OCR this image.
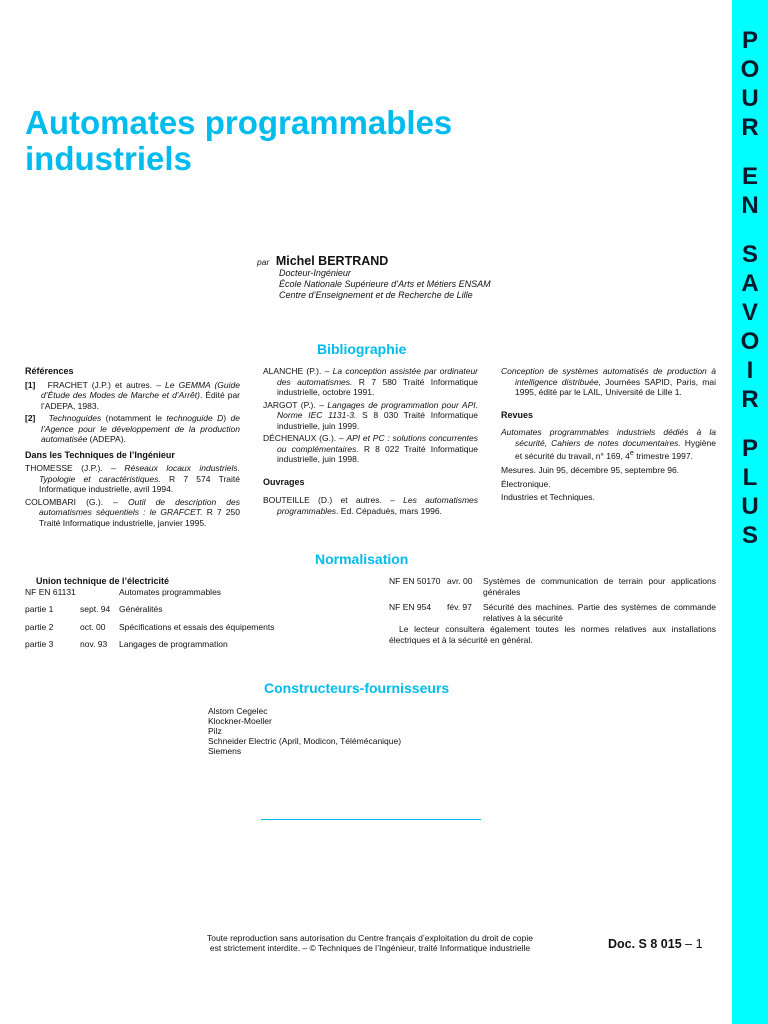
P
O
U
R
E
N
S
A
V
O
I
R
P
L
U
S
Automates programmables
industriels
par Michel BERTRAND
Docteur-Ingénieur
École Nationale Supérieure d’Arts et Métiers ENSAM
Centre d’Enseignement et de Recherche de Lille
Bibliographie
Références
[1] FRACHET (J.P.) et autres. – Le GEMMA (Guide d’Étude des Modes de Marche et d’Arrêt). Édité par l’ADEPA, 1983.
[2] Technoguides (notamment le technoguide D) de l’Agence pour le développement de la production automatisée (ADEPA).
Dans les Techniques de l’Ingénieur
THOMESSE (J.P.). – Réseaux locaux industriels. Typologie et caractéristiques. R 7 574 Traité Informatique industrielle, avril 1994.
COLOMBARI (G.). – Outil de description des automatismes séquentiels : le GRAFCET. R 7 250 Traité Informatique industrielle, janvier 1995.
ALANCHE (P.). – La conception assistée par ordinateur des automatismes. R 7 580 Traité Informatique industrielle, octobre 1991.
JARGOT (P.). – Langages de programmation pour API. Norme IEC 1131-3. S 8 030 Traité Informatique industrielle, juin 1999.
DÉCHENAUX (G.). – API et PC : solutions concurrentes ou complémentaires. R 8 022 Traité Informatique industrielle, juin 1998.
Ouvrages
BOUTEILLE (D.) et autres. – Les automatismes programmables. Ed. Cépaduès, mars 1996.
Conception de systèmes automatisés de production à intelligence distribuée, Journées SAPID, Paris, mai 1995, édité par le LAIL, Université de Lille 1.
Revues
Automates programmables industriels dédiés à la sécurité, Cahiers de notes documentaires. Hygiène et sécurité du travail, n° 169, 4e trimestre 1997.
Mesures. Juin 95, décembre 95, septembre 96.
Électronique.
Industries et Techniques.
Normalisation
Union technique de l’électricité
NF EN 61131	Automates programmables
partie 1	sept. 94	Généralités
partie 2	oct. 00	Spécifications et essais des équipements
partie 3	nov. 93	Langages de programmation
NF EN 50170 avr. 00	Systèmes de communication de terrain pour applications générales
NF EN 954	fév. 97	Sécurité des machines. Partie des systèmes de commande relatives à la sécurité
Le lecteur consultera également toutes les normes relatives aux installations électriques et à la sécurité en général.
Constructeurs-fournisseurs
Alstom Cegelec
Klockner-Moeller
Pilz
Schneider Electric (April, Modicon, Télémécanique)
Siemens
Toute reproduction sans autorisation du Centre français d’exploitation du droit de copie
est strictement interdite. – © Techniques de l’Ingénieur, traité Informatique industrielle	Doc. S 8 015 – 1
